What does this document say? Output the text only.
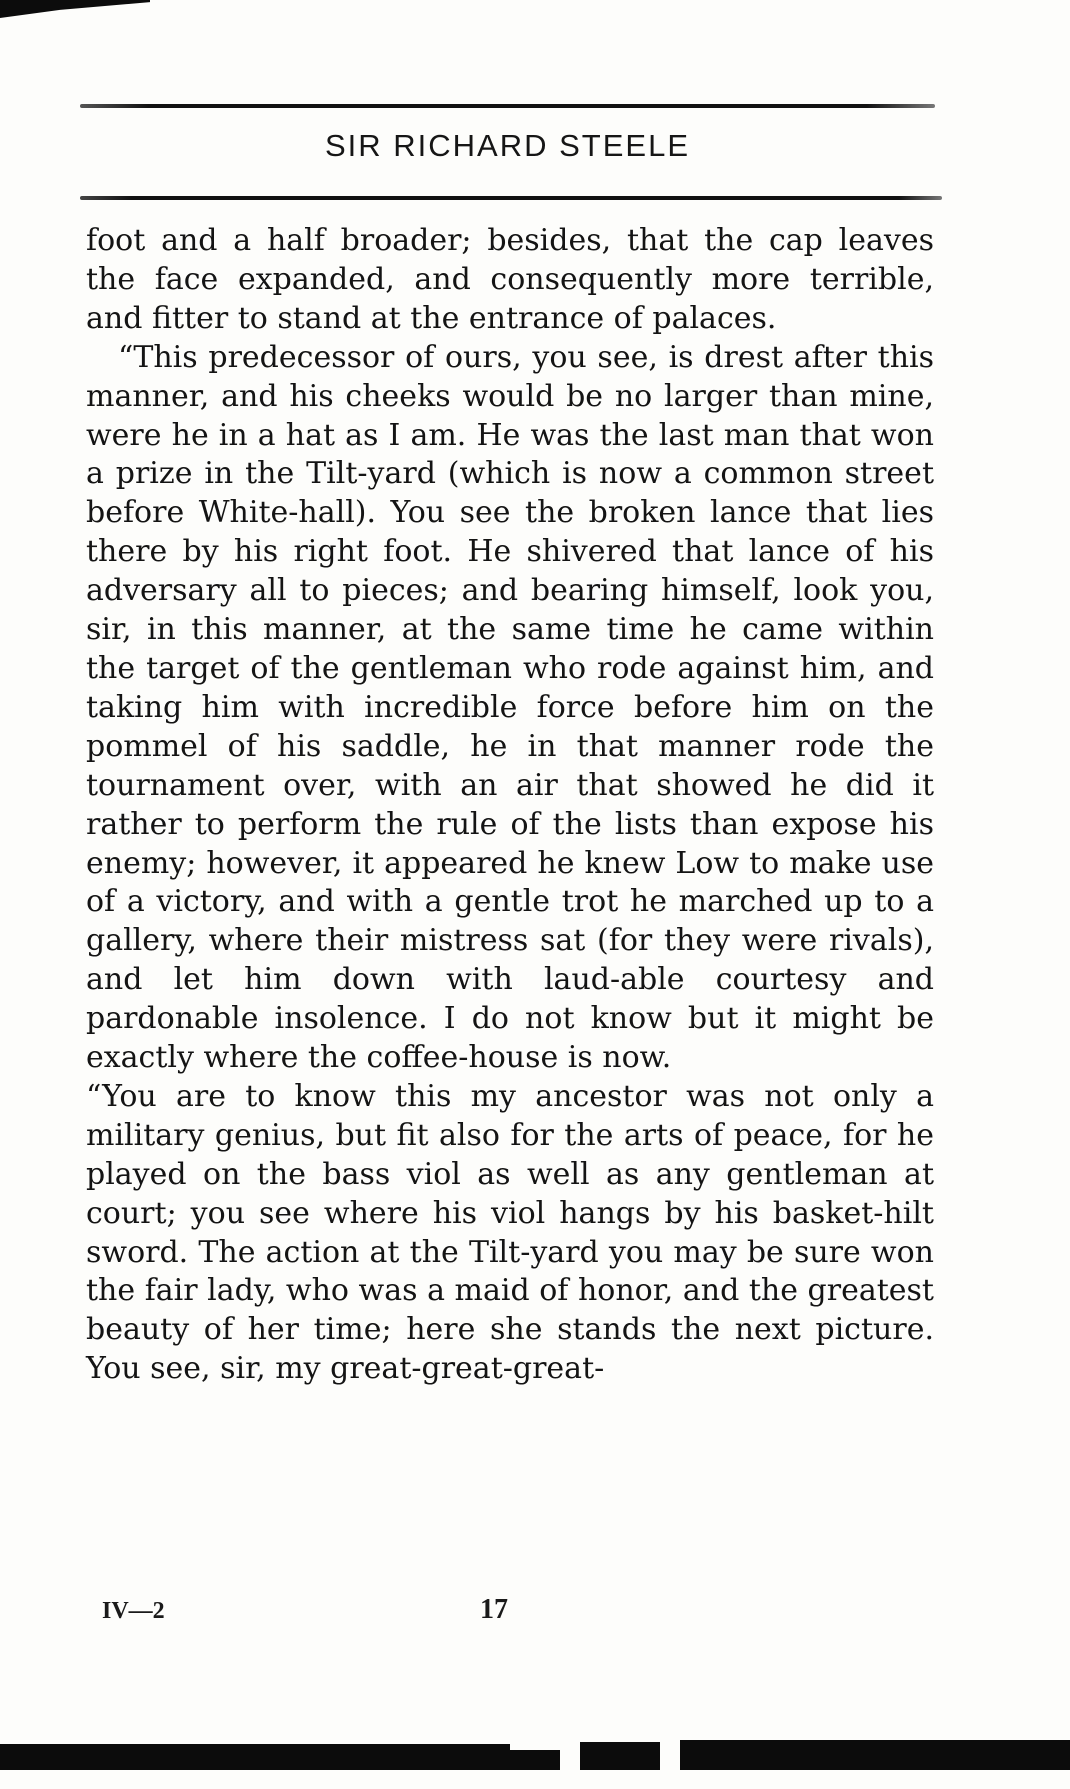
SIR RICHARD STEELE

foot and a half broader; besides, that the cap leaves the face expanded, and consequently more terrible, and fitter to stand at the entrance of palaces.

“This predecessor of ours, you see, is drest after this manner, and his cheeks would be no larger than mine, were he in a hat as I am. He was the last man that won a prize in the Tilt-yard (which is now a common street before White-hall). You see the broken lance that lies there by his right foot. He shivered that lance of his adversary all to pieces; and bearing himself, look you, sir, in this manner, at the same time he came within the target of the gentleman who rode against him, and taking him with incredible force before him on the pommel of his saddle, he in that manner rode the tournament over, with an air that showed he did it rather to perform the rule of the lists than expose his enemy; however, it appeared he knew Low to make use of a victory, and with a gentle trot he marched up to a gallery, where their mistress sat (for they were rivals), and let him down with laud-able courtesy and pardonable insolence. I do not know but it might be exactly where the coffee-house is now.

“You are to know this my ancestor was not only a military genius, but fit also for the arts of peace, for he played on the bass viol as well as any gentleman at court; you see where his viol hangs by his basket-hilt sword. The action at the Tilt-yard you may be sure won the fair lady, who was a maid of honor, and the greatest beauty of her time; here she stands the next picture. You see, sir, my great-great-great-

IV—2	17
